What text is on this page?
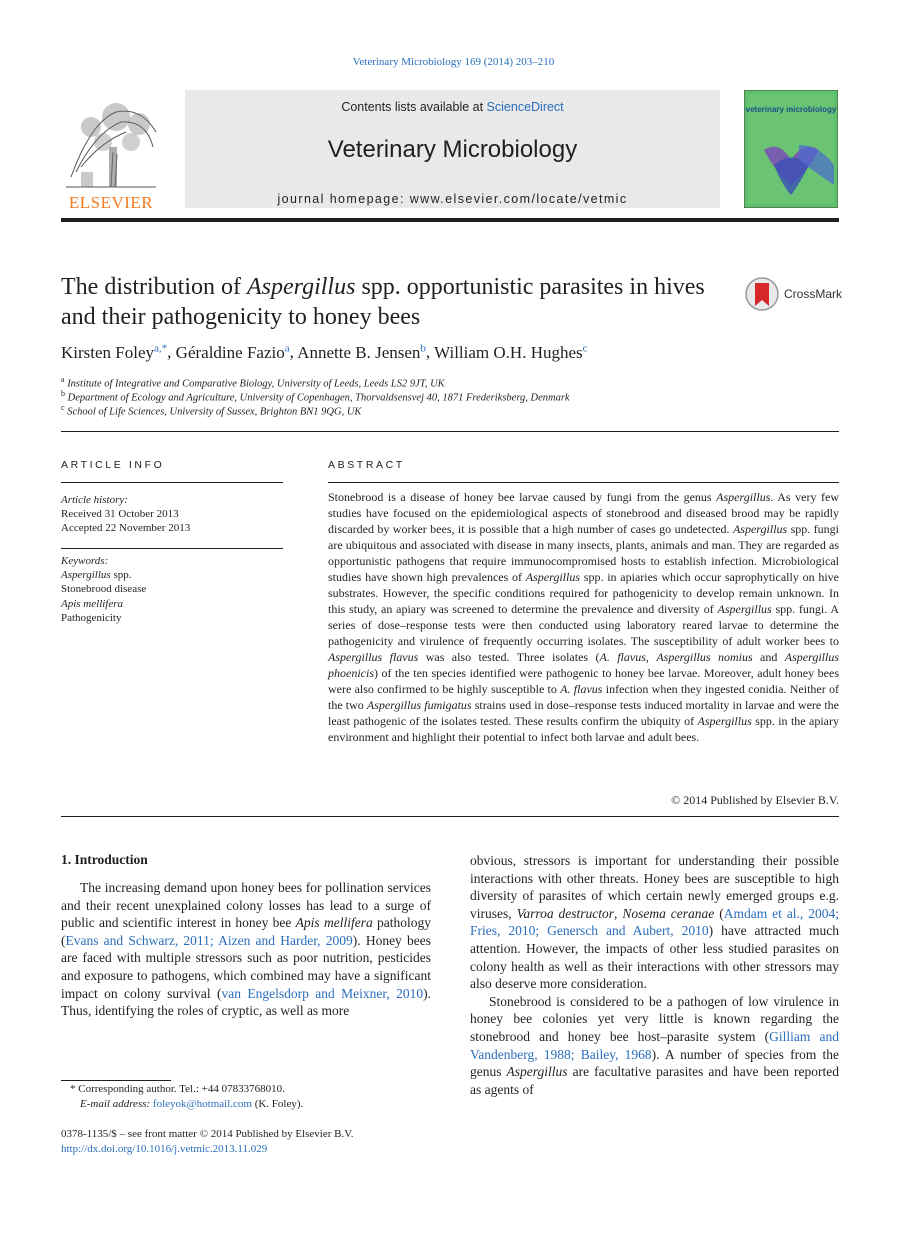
Veterinary Microbiology 169 (2014) 203–210
ELSEVIER
Contents lists available at ScienceDirect
Veterinary Microbiology
journal homepage: www.elsevier.com/locate/vetmic
veterinary microbiology
The distribution of Aspergillus spp. opportunistic parasites in hives and their pathogenicity to honey bees
CrossMark
Kirsten Foley$^{a,*}$, Géraldine Fazio$^a$, Annette B. Jensen$^b$, William O.H. Hughes$^c$
$^a$ Institute of Integrative and Comparative Biology, University of Leeds, Leeds LS2 9JT, UK
$^b$ Department of Ecology and Agriculture, University of Copenhagen, Thorvaldsensvej 40, 1871 Frederiksberg, Denmark
$^c$ School of Life Sciences, University of Sussex, Brighton BN1 9QG, UK
ARTICLE INFO
Article history:
Received 31 October 2013
Accepted 22 November 2013
Keywords:
Aspergillus spp.
Stonebrood disease
Apis mellifera
Pathogenicity
ABSTRACT
Stonebrood is a disease of honey bee larvae caused by fungi from the genus Aspergillus. As very few studies have focused on the epidemiological aspects of stonebrood and diseased brood may be rapidly discarded by worker bees, it is possible that a high number of cases go undetected. Aspergillus spp. fungi are ubiquitous and associated with disease in many insects, plants, animals and man. They are regarded as opportunistic pathogens that require immunocompromised hosts to establish infection. Microbiological studies have shown high prevalences of Aspergillus spp. in apiaries which occur saprophytically on hive substrates. However, the specific conditions required for pathogenicity to develop remain unknown. In this study, an apiary was screened to determine the prevalence and diversity of Aspergillus spp. fungi. A series of dose–response tests were then conducted using laboratory reared larvae to determine the pathogenicity and virulence of frequently occurring isolates. The susceptibility of adult worker bees to Aspergillus flavus was also tested. Three isolates (A. flavus, Aspergillus nomius and Aspergillus phoenicis) of the ten species identified were pathogenic to honey bee larvae. Moreover, adult honey bees were also confirmed to be highly susceptible to A. flavus infection when they ingested conidia. Neither of the two Aspergillus fumigatus strains used in dose–response tests induced mortality in larvae and were the least pathogenic of the isolates tested. These results confirm the ubiquity of Aspergillus spp. in the apiary environment and highlight their potential to infect both larvae and adult bees.
© 2014 Published by Elsevier B.V.
1. Introduction

The increasing demand upon honey bees for pollination services and their recent unexplained colony losses has lead to a surge of public and scientific interest in honey bee Apis mellifera pathology (Evans and Schwarz, 2011; Aizen and Harder, 2009). Honey bees are faced with multiple stressors such as poor nutrition, pesticides and exposure to pathogens, which combined may have a significant impact on colony survival (van Engelsdorp and Meixner, 2010). Thus, identifying the roles of cryptic, as well as more

obvious, stressors is important for understanding their possible interactions with other threats. Honey bees are susceptible to high diversity of parasites of which certain newly emerged groups e.g. viruses, Varroa destructor, Nosema ceranae (Amdam et al., 2004; Fries, 2010; Genersch and Aubert, 2010) have attracted much attention. However, the impacts of other less studied parasites on colony health as well as their interactions with other stressors may also deserve more consideration.

Stonebrood is considered to be a pathogen of low virulence in honey bee colonies yet very little is known regarding the stonebrood and honey bee host–parasite system (Gilliam and Vandenberg, 1988; Bailey, 1968). A number of species from the genus Aspergillus are facultative parasites and have been reported as agents of

* Corresponding author. Tel.: +44 07833768010.
E-mail address: foleyok@hotmail.com (K. Foley).
0378-1135/$ – see front matter © 2014 Published by Elsevier B.V.
http://dx.doi.org/10.1016/j.vetmic.2013.11.029
